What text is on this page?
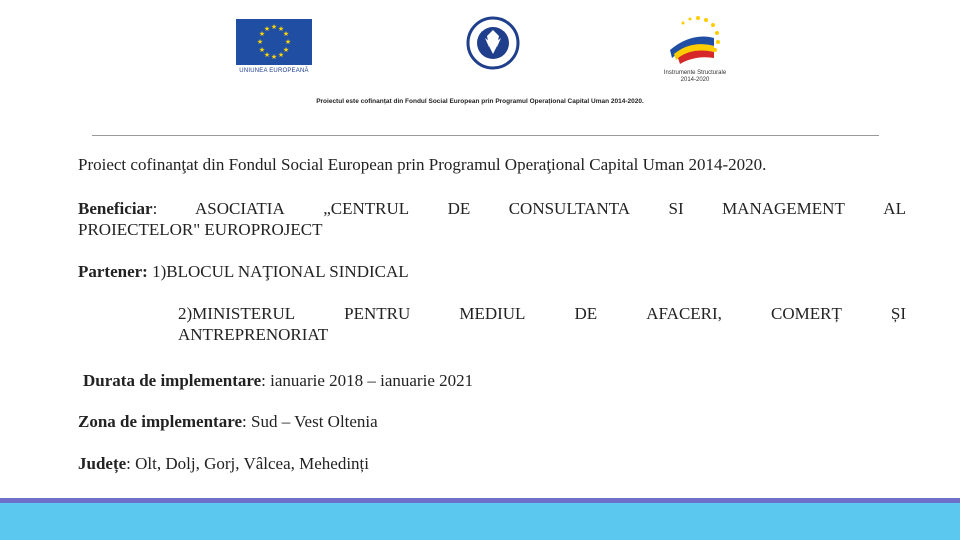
★ ★
★
★
★
★
★
★
★
★
★
★
UNIUNEA EUROPEANĂ	Instrumente Structurale
2014-2020
Proiectul este cofinanțat din Fondul Social European prin Programul Operațional Capital Uman 2014-2020.
Proiect cofinanţat din Fondul Social European prin Programul Operaţional Capital Uman 2014-2020.
Beneficiar: ASOCIATIA „CENTRUL DE CONSULTANTA SI MANAGEMENT AL
PROIECTELOR" EUROPROJECT
Partener: 1)BLOCUL NAŢIONAL SINDICAL
2)MINISTERUL	PENTRU	MEDIUL	DE	AFACERI,	COMERȚ	ȘI
ANTREPRENORIAT
Durata de implementare: ianuarie 2018 – ianuarie 2021
Zona de implementare: Sud – Vest Oltenia
Județe: Olt, Dolj, Gorj, Vâlcea, Mehedinți
